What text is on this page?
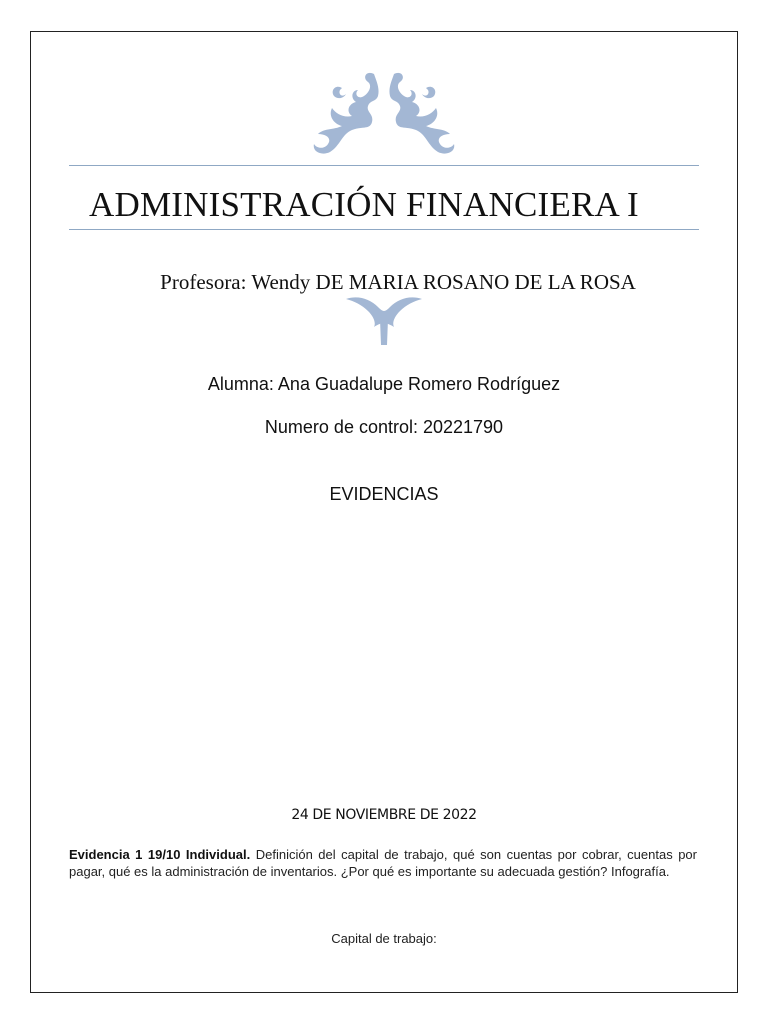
ADMINISTRACIÓN FINANCIERA I
Profesora: Wendy DE MARIA ROSANO DE LA ROSA
Alumna: Ana Guadalupe Romero Rodríguez
Numero de control: 20221790
EVIDENCIAS
24 DE NOVIEMBRE DE 2022
Evidencia 1 19/10 Individual. Definición del capital de trabajo, qué son cuentas por cobrar, cuentas por pagar, qué es la administración de inventarios. ¿Por qué es importante su adecuada gestión? Infografía.
Capital de trabajo:
